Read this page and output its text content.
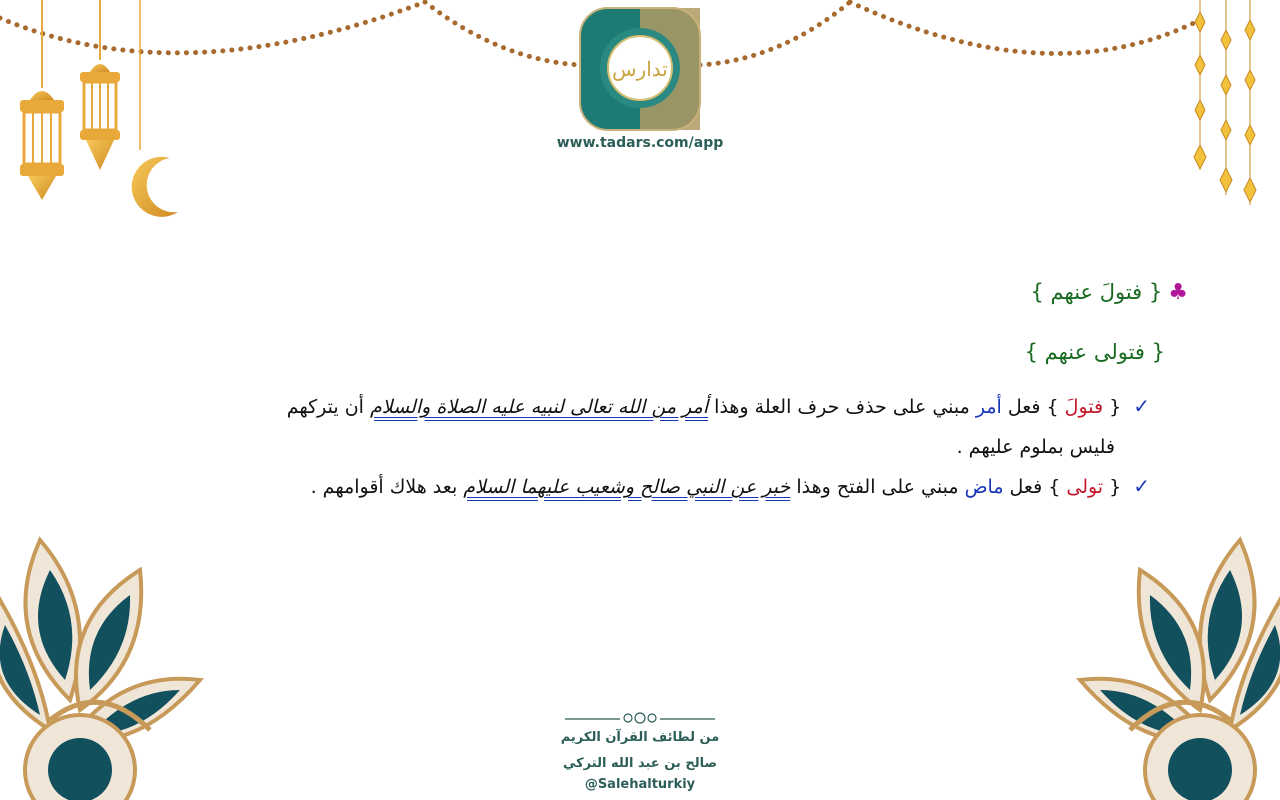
تدارس
www.tadars.com/app
♣{ فتولَ عنهم }
{ فتولى عنهم }
✓{ فتولَ } فعل أمر مبني على حذف حرف العلة وهذا أمر من الله تعالى لنبيه عليه الصلاة والسلام أن يتركهم
فليس بملوم عليهم .
✓{ تولى } فعل ماض مبني على الفتح وهذا خبر عن النبي صالح وشعيب عليهما السلام بعد هلاك أقوامهم .
من لطائف القرآن الكريم
صالح بن عبد الله التركي
@Salehalturkiy
